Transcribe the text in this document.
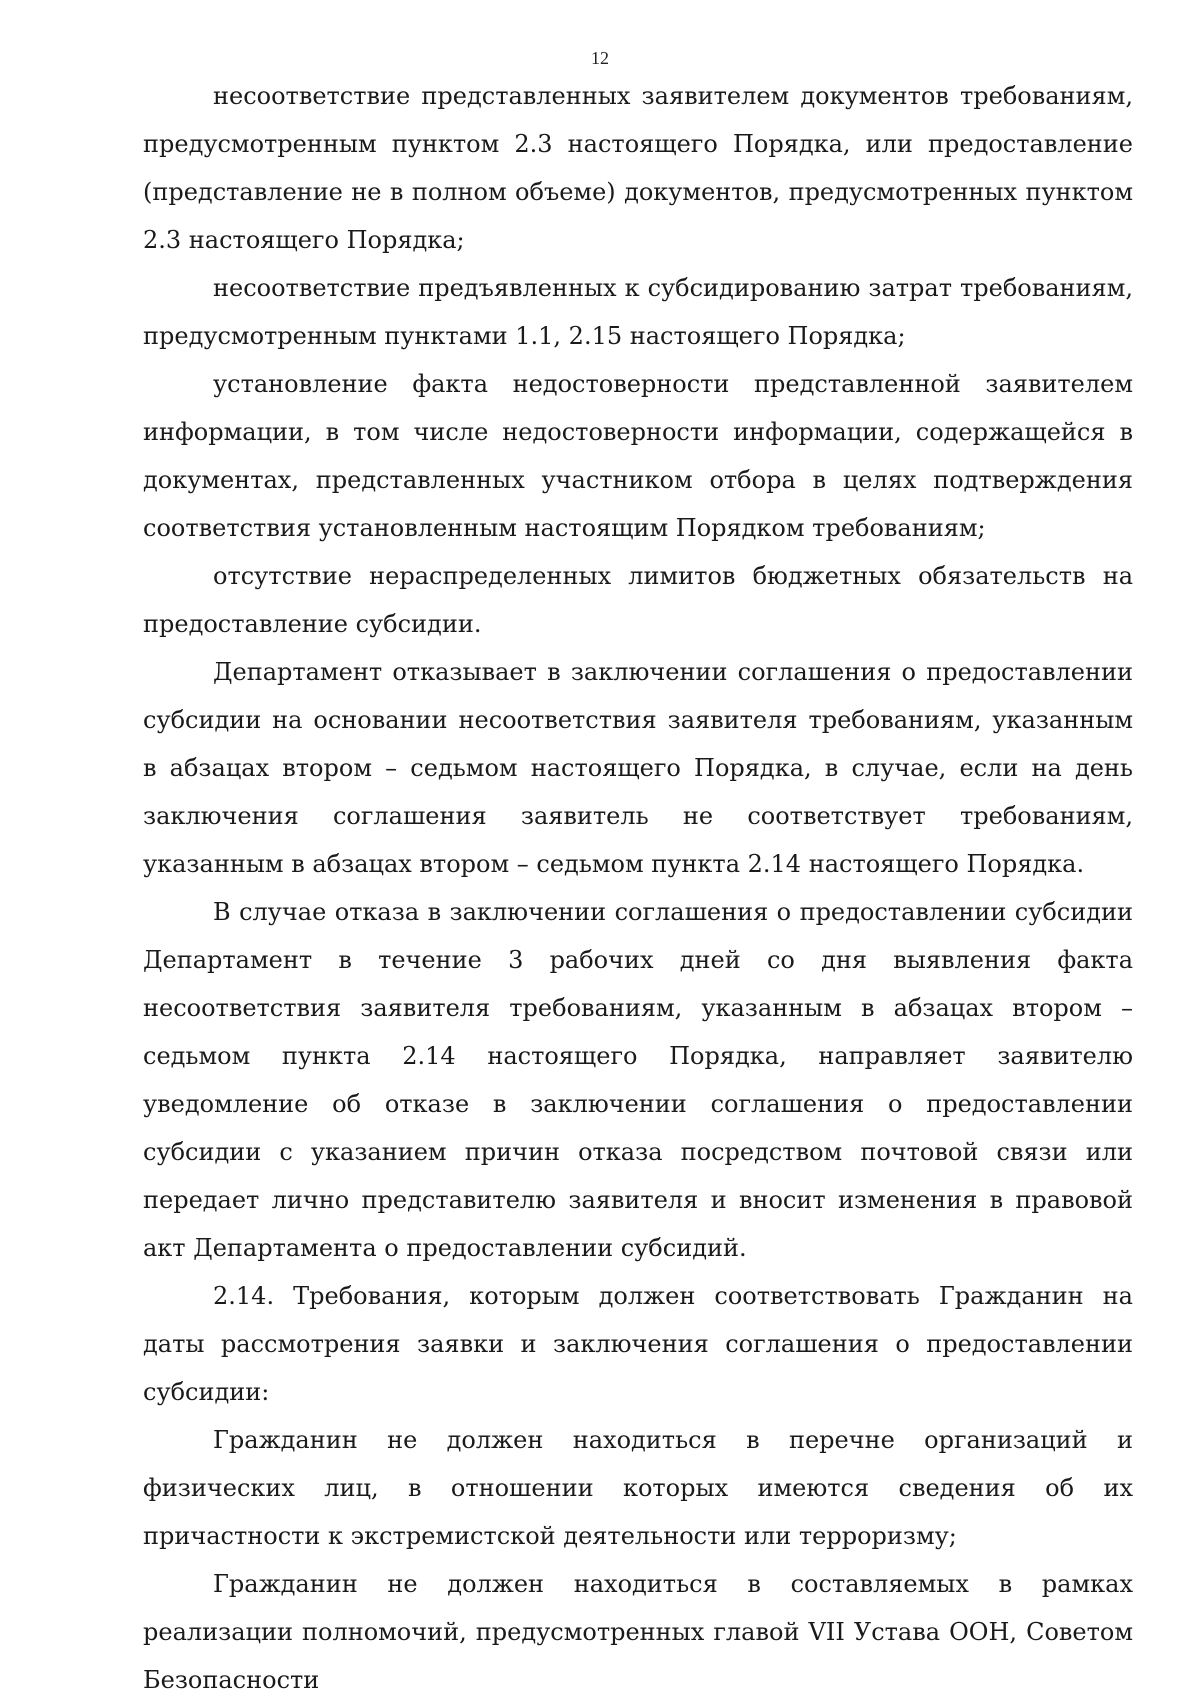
12

несоответствие представленных заявителем документов требованиям, предусмотренным пунктом 2.3 настоящего Порядка, или предоставление (представление не в полном объеме) документов, предусмотренных пунктом 2.3 настоящего Порядка;

несоответствие предъявленных к субсидированию затрат требованиям, предусмотренным пунктами 1.1, 2.15 настоящего Порядка;

установление факта недостоверности представленной заявителем информации, в том числе недостоверности информации, содержащейся в документах, представленных участником отбора в целях подтверждения соответствия установленным настоящим Порядком требованиям;

отсутствие нераспределенных лимитов бюджетных обязательств на предоставление субсидии.

Департамент отказывает в заключении соглашения о предоставлении субсидии на основании несоответствия заявителя требованиям, указанным в абзацах втором – седьмом настоящего Порядка, в случае, если на день заключения соглашения заявитель не соответствует требованиям, указанным в абзацах втором – седьмом пункта 2.14 настоящего Порядка.

В случае отказа в заключении соглашения о предоставлении субсидии Департамент в течение 3 рабочих дней со дня выявления факта несоответствия заявителя требованиям, указанным в абзацах втором – седьмом пункта 2.14 настоящего Порядка, направляет заявителю уведомление об отказе в заключении соглашения о предоставлении субсидии с указанием причин отказа посредством почтовой связи или передает лично представителю заявителя и вносит изменения в правовой акт Департамента о предоставлении субсидий.

2.14. Требования, которым должен соответствовать Гражданин на даты рассмотрения заявки и заключения соглашения о предоставлении субсидии:

Гражданин не должен находиться в перечне организаций и физических лиц, в отношении которых имеются сведения об их причастности к экстремистской деятельности или терроризму;

Гражданин не должен находиться в составляемых в рамках реализации полномочий, предусмотренных главой VII Устава ООН, Советом Безопасности
